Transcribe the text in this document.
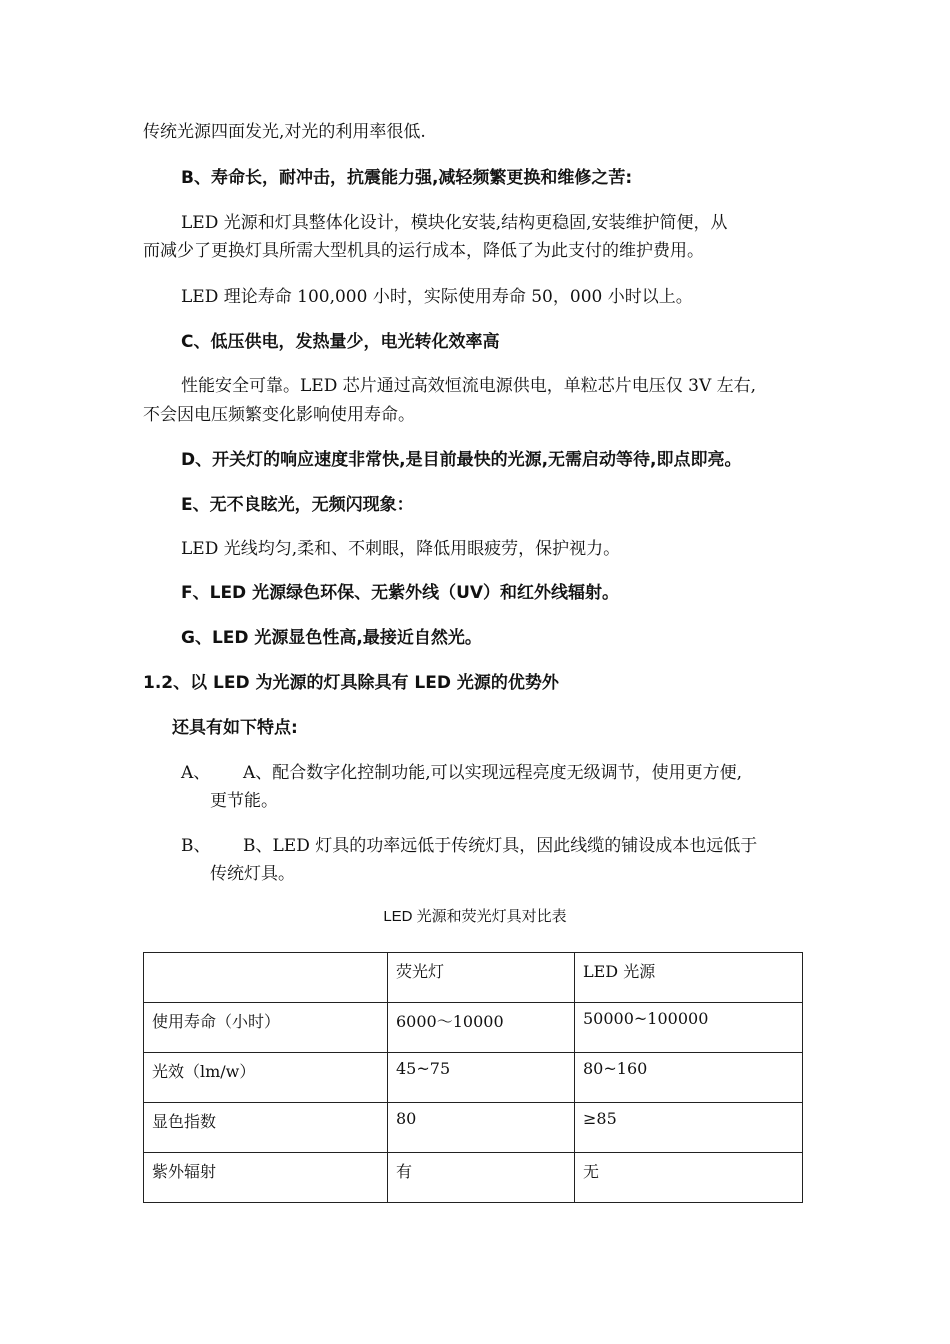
传统光源四面发光,对光的利用率很低.
B、寿命长，耐冲击，抗震能力强,减轻频繁更换和维修之苦:
LED 光源和灯具整体化设计，模块化安装,结构更稳固,安装维护简便，从
而减少了更换灯具所需大型机具的运行成本，降低了为此支付的维护费用。
LED 理论寿命 100,000 小时，实际使用寿命 50，000 小时以上。
C、低压供电，发热量少，电光转化效率高
性能安全可靠。LED 芯片通过高效恒流电源供电，单粒芯片电压仅 3V 左右,
不会因电压频繁变化影响使用寿命。
D、开关灯的响应速度非常快,是目前最快的光源,无需启动等待,即点即亮。
E、无不良眩光，无频闪现象：
LED 光线均匀,柔和、不刺眼，降低用眼疲劳，保护视力。
F、LED 光源绿色环保、无紫外线（UV）和红外线辐射。
G、LED 光源显色性高,最接近自然光。
1.2、以 LED 为光源的灯具除具有 LED 光源的优势外
还具有如下特点:
A、 A、配合数字化控制功能,可以实现远程亮度无级调节，使用更方便,
更节能。
B、 B、LED 灯具的功率远低于传统灯具，因此线缆的铺设成本也远低于
传统灯具。
LED 光源和荧光灯具对比表
	荧光灯	LED 光源
使用寿命（小时）	6000～10000	50000~100000
光效（lm/w）	45~75	80~160
显色指数	80	≥85
紫外辐射	有	无
